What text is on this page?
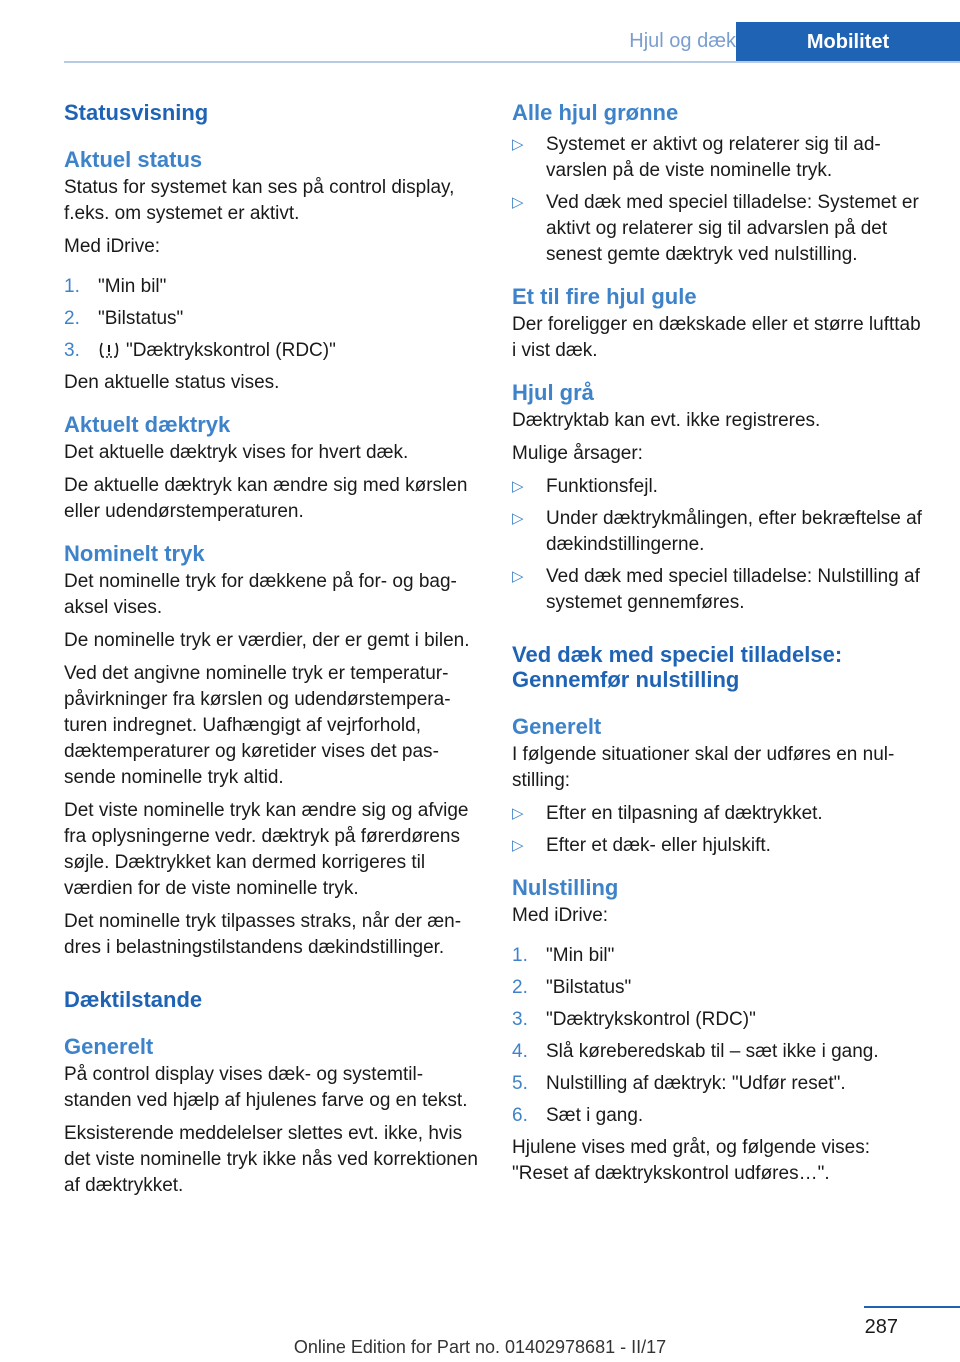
Hjul og dæk	Mobilitet
Statusvisning
Aktuel status

Status for systemet kan ses på control display, f.eks. om systemet er aktivt.

Med iDrive:

1. "Min bil"
2. "Bilstatus"
3. "Dæktrykskontrol (RDC)"

Den aktuelle status vises.

Aktuelt dæktryk

Det aktuelle dæktryk vises for hvert dæk.

De aktuelle dæktryk kan ændre sig med kørslen eller udendørstemperaturen.

Nominelt tryk

Det nominelle tryk for dækkene på for- og bagaksel vises.

De nominelle tryk er værdier, der er gemt i bilen.

Ved det angivne nominelle tryk er temperaturpåvirkninger fra kørslen og udendørstemperaturen indregnet. Uafhængigt af vejrforhold, dæktemperaturer og køretider vises det passende nominelle tryk altid.

Det viste nominelle tryk kan ændre sig og afvige fra oplysningerne vedr. dæktryk på førerdørens søjle. Dæktrykket kan dermed korrigeres til værdien for de viste nominelle tryk.

Det nominelle tryk tilpasses straks, når der ændres i belastningstilstandens dækindstillinger.

Dæktilstande
Generelt

På control display vises dæk- og systemtilstanden ved hjælp af hjulenes farve og en tekst.

Eksisterende meddelelser slettes evt. ikke, hvis det viste nominelle tryk ikke nås ved korrektionen af dæktrykket.

Alle hjul grønne
▷ Systemet er aktivt og relaterer sig til advarslen på de viste nominelle tryk.
▷ Ved dæk med speciel tilladelse: Systemet er aktivt og relaterer sig til advarslen på det senest gemte dæktryk ved nulstilling.
Et til fire hjul gule

Der foreligger en dækskade eller et større lufttab i vist dæk.

Hjul grå

Dæktryktab kan evt. ikke registreres.

Mulige årsager:

▷ Funktionsfejl.
▷ Under dæktrykmålingen, efter bekræftelse af dækindstillingerne.
▷ Ved dæk med speciel tilladelse: Nulstilling af systemet gennemføres.
Ved dæk med speciel tilladelse: Gennemfør nulstilling
Generelt

I følgende situationer skal der udføres en nulstilling:

▷ Efter en tilpasning af dæktrykket.
▷ Efter et dæk- eller hjulskift.
Nulstilling

Med iDrive:

1. "Min bil"
2. "Bilstatus"
3. "Dæktrykskontrol (RDC)"
4. Slå køreberedskab til – sæt ikke i gang.
5. Nulstilling af dæktryk: "Udfør reset".
6. Sæt i gang.

Hjulene vises med gråt, og følgende vises: "Reset af dæktrykskontrol udføres…".

287
Online Edition for Part no. 01402978681 - II/17
